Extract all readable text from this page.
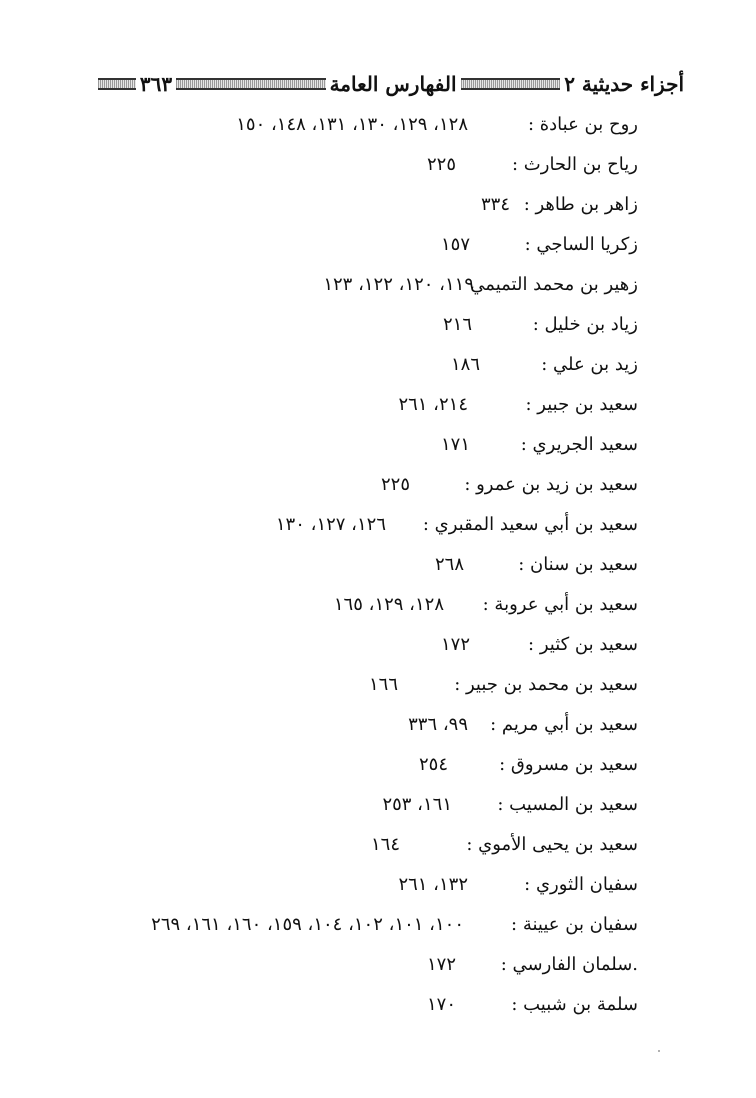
أجزاء حديثية ٢
الفهارس العامة
٣٦٣
روح بن عبادة :
١٢٨، ١٢٩، ١٣٠، ١٣١، ١٤٨، ١٥٠
رياح بن الحارث :
٢٢٥
زاهر بن طاهر :
٣٣٤
زكريا الساجي :
١٥٧
زهير بن محمد التميمي
١١٩، ١٢٠، ١٢٢، ١٢٣
زياد بن خليل :
٢١٦
زيد بن علي :
١٨٦
سعيد بن جبير :
٢١٤، ٢٦١
سعيد الجريري :
١٧١
سعيد بن زيد بن عمرو :
٢٢٥
سعيد بن أبي سعيد المقبري :
١٢٦، ١٢٧، ١٣٠
سعيد بن سنان :
٢٦٨
سعيد بن أبي عروبة :
١٢٨، ١٢٩، ١٦٥
سعيد بن كثير :
١٧٢
سعيد بن محمد بن جبير :
١٦٦
سعيد بن أبي مريم :
٩٩، ٣٣٦
سعيد بن مسروق :
٢٥٤
سعيد بن المسيب :
١٦١، ٢٥٣
سعيد بن يحيى الأموي :
١٦٤
سفيان الثوري :
١٣٢، ٢٦١
سفيان بن عيينة :
١٠٠، ١٠١، ١٠٢، ١٠٤، ١٥٩، ١٦٠، ١٦١، ٢٦٩
.سلمان الفارسي :
١٧٢
سلمة بن شبيب :
١٧٠
